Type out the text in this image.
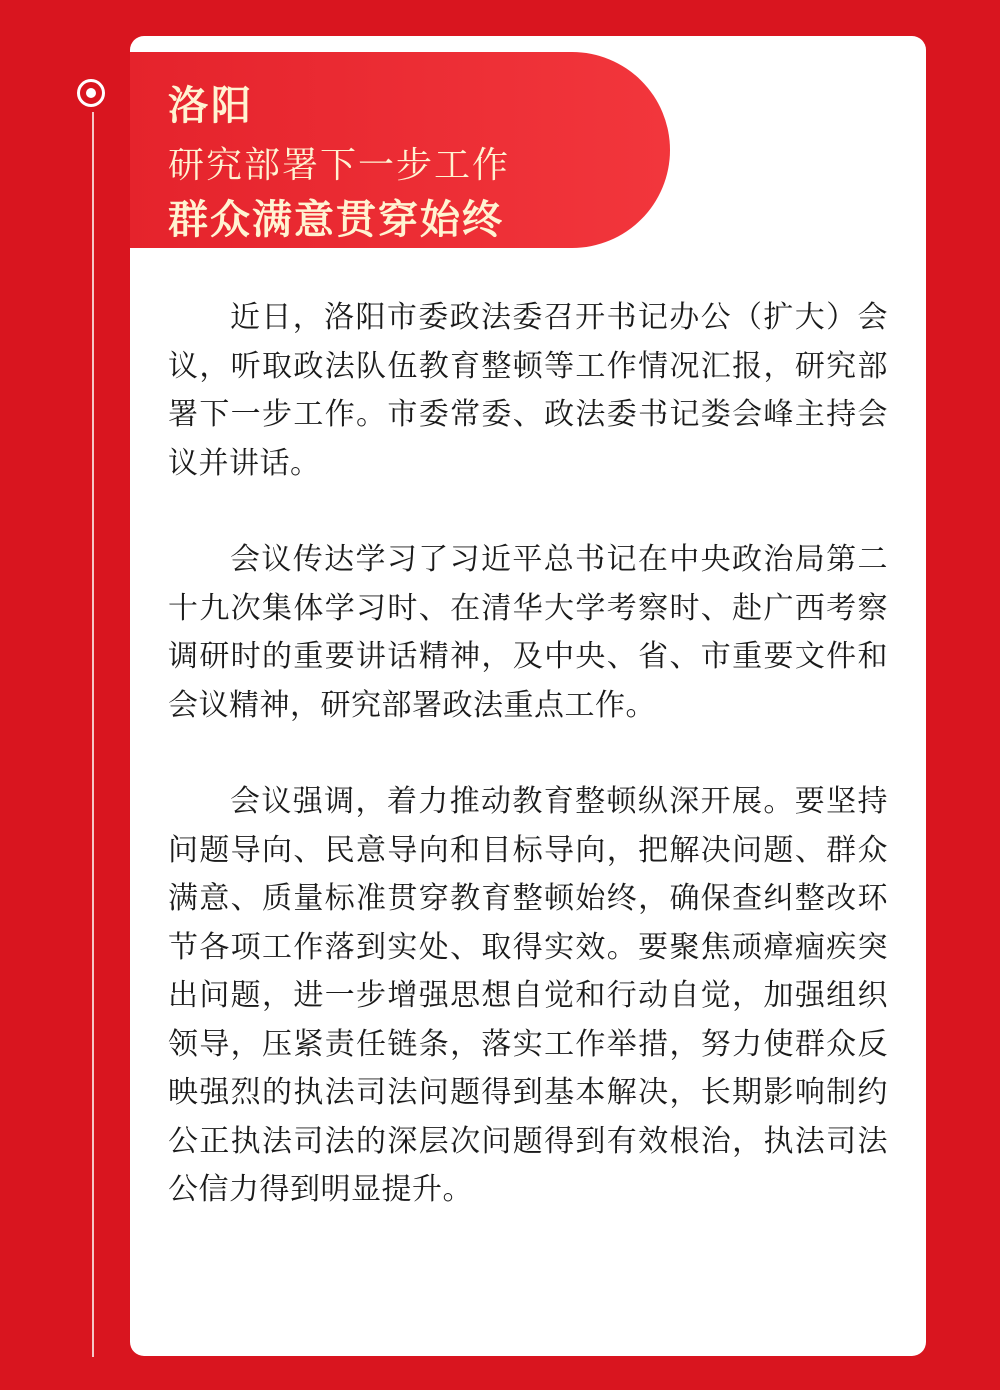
洛阳
研究部署下一步工作
群众满意贯穿始终

近日，洛阳市委政法委召开书记办公（扩大）会议，听取政法队伍教育整顿等工作情况汇报，研究部署下一步工作。市委常委、政法委书记娄会峰主持会议并讲话。

会议传达学习了习近平总书记在中央政治局第二十九次集体学习时、在清华大学考察时、赴广西考察调研时的重要讲话精神，及中央、省、市重要文件和会议精神，研究部署政法重点工作。

会议强调，着力推动教育整顿纵深开展。要坚持问题导向、民意导向和目标导向，把解决问题、群众满意、质量标准贯穿教育整顿始终，确保查纠整改环节各项工作落到实处、取得实效。要聚焦顽瘴痼疾突出问题，进一步增强思想自觉和行动自觉，加强组织领导，压紧责任链条，落实工作举措，努力使群众反映强烈的执法司法问题得到基本解决，长期影响制约公正执法司法的深层次问题得到有效根治，执法司法公信力得到明显提升。
